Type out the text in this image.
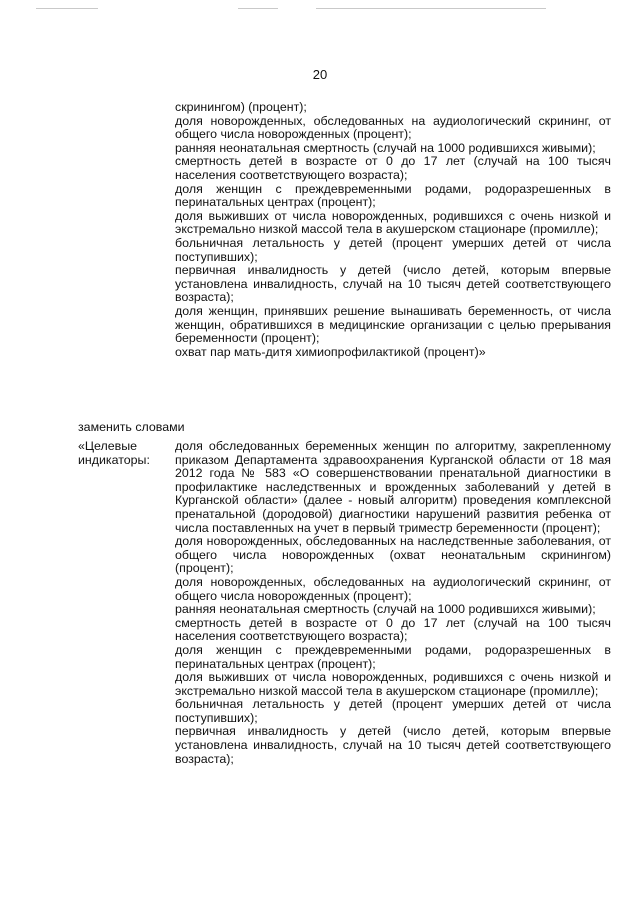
20

скринингом) (процент);

доля новорожденных, обследованных на аудиологический скрининг, от общего числа новорожденных (процент);

ранняя неонатальная смертность (случай на 1000 родившихся живыми);

смертность детей в возрасте от 0 до 17 лет (случай на 100 тысяч населения соответствующего возраста);

доля женщин с преждевременными родами, родоразрешенных в перинатальных центрах (процент);

доля выживших от числа новорожденных, родившихся с очень низкой и экстремально низкой массой тела в акушерском стационаре (промилле);

больничная летальность у детей (процент умерших детей от числа поступивших);

первичная инвалидность у детей (число детей, которым впервые установлена инвалидность, случай на 10 тысяч детей соответствующего возраста);

доля женщин, принявших решение вынашивать беременность, от числа женщин, обратившихся в медицинские организации с целью прерывания беременности (процент);

охват пар мать-дитя химиопрофилактикой (процент)»

заменить словами
«Целевые индикаторы:

доля обследованных беременных женщин по алгоритму, закрепленному приказом Департамента здравоохранения Курганской области от 18 мая 2012 года № 583 «О совершенствовании пренатальной диагностики в профилактике наследственных и врожденных заболеваний у детей в Курганской области» (далее - новый алгоритм) проведения комплексной пренатальной (дородовой) диагностики нарушений развития ребенка от числа поставленных на учет в первый триместр беременности (процент);

доля новорожденных, обследованных на наследственные заболевания, от общего числа новорожденных (охват неонатальным скринингом) (процент);

доля новорожденных, обследованных на аудиологический скрининг, от общего числа новорожденных (процент);

ранняя неонатальная смертность (случай на 1000 родившихся живыми);

смертность детей в возрасте от 0 до 17 лет (случай на 100 тысяч населения соответствующего возраста);

доля женщин с преждевременными родами, родоразрешенных в перинатальных центрах (процент);

доля выживших от числа новорожденных, родившихся с очень низкой и экстремально низкой массой тела в акушерском стационаре (промилле);

больничная летальность у детей (процент умерших детей от числа поступивших);

первичная инвалидность у детей (число детей, которым впервые установлена инвалидность, случай на 10 тысяч детей соответствующего возраста);
